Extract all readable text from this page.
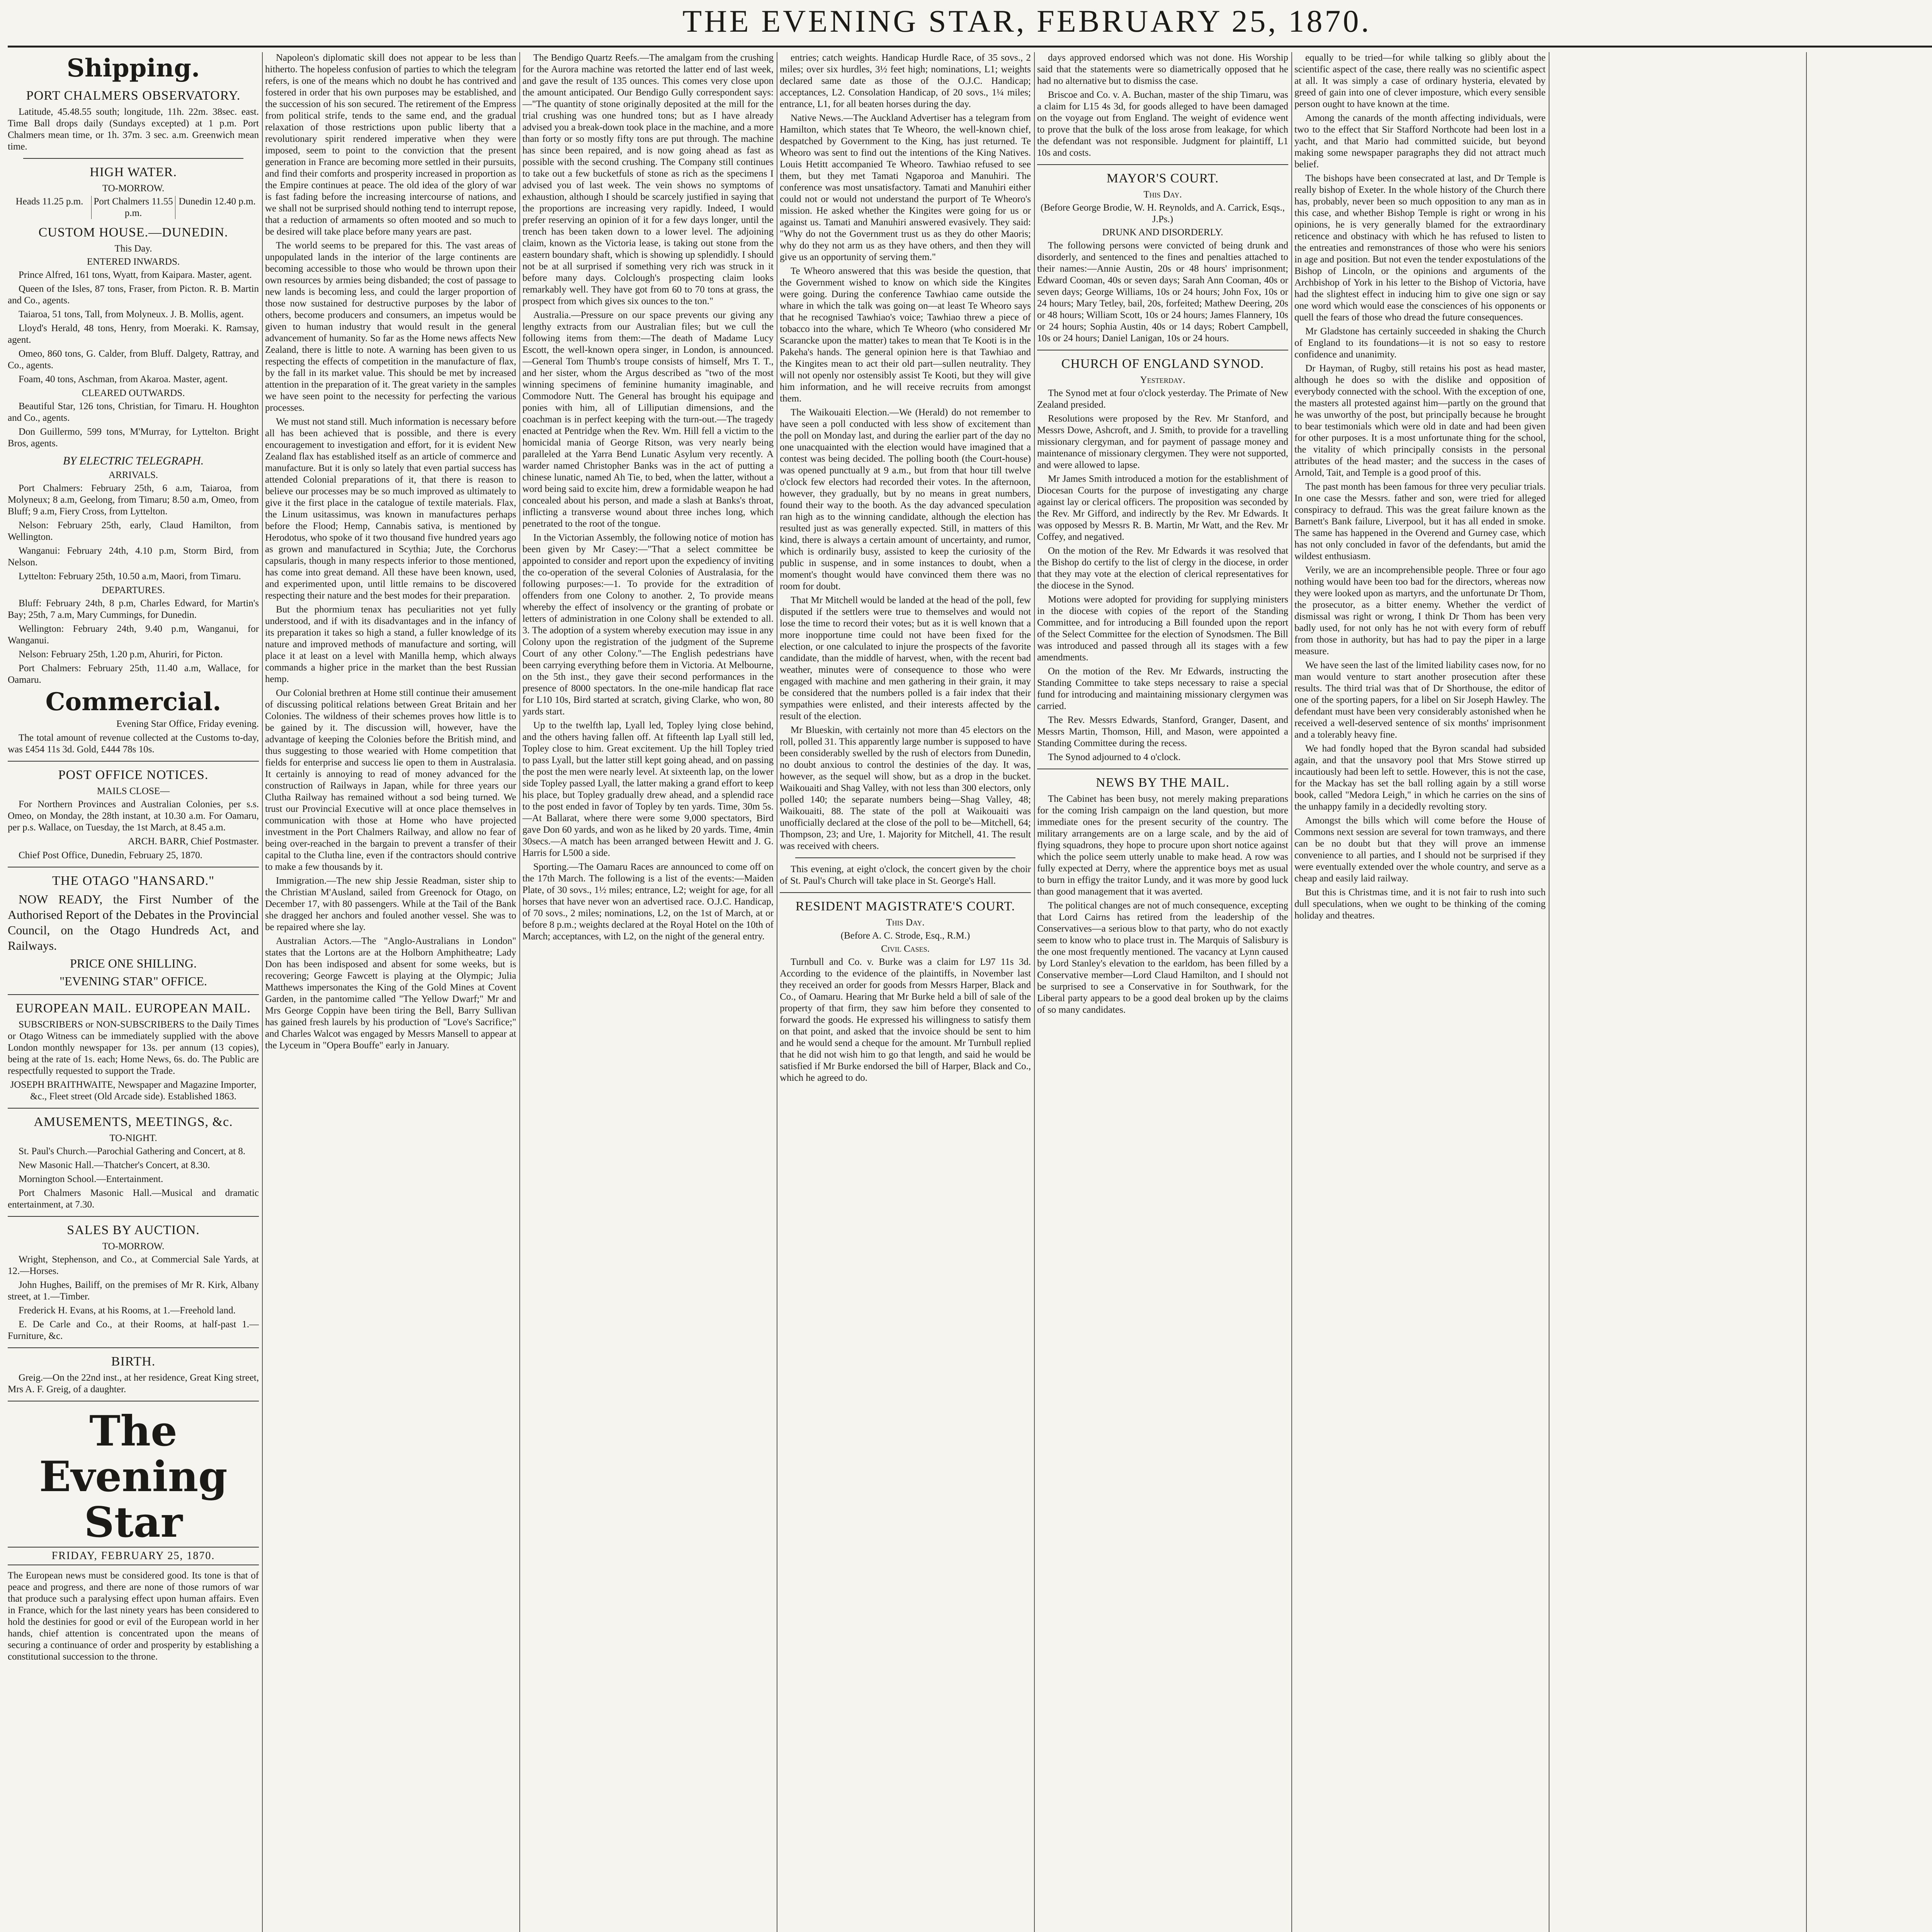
THE EVENING STAR, FEBRUARY 25, 1870.
Shipping.
PORT CHALMERS OBSERVATORY.

Latitude, 45.48.55 south; longitude, 11h. 22m. 38sec. east. Time Ball drops daily (Sundays excepted) at 1 p.m. Port Chalmers mean time, or 1h. 37m. 3 sec. a.m. Greenwich mean time.

HIGH WATER.
TO-MORROW.
Heads 11.25 p.m.	Port Chalmers 11.55 p.m.
Dunedin 12.40 p.m.
CUSTOM HOUSE.—DUNEDIN.
This Day.
ENTERED INWARDS.

Prince Alfred, 161 tons, Wyatt, from Kaipara. Master, agent.

Queen of the Isles, 87 tons, Fraser, from Picton. R. B. Martin and Co., agents.

Taiaroa, 51 tons, Tall, from Molyneux. J. B. Mollis, agent.

Lloyd's Herald, 48 tons, Henry, from Moeraki. K. Ramsay, agent.

Omeo, 860 tons, G. Calder, from Bluff. Dalgety, Rattray, and Co., agents.

Foam, 40 tons, Aschman, from Akaroa. Master, agent.

CLEARED OUTWARDS.

Beautiful Star, 126 tons, Christian, for Timaru. H. Houghton and Co., agents.

Don Guillermo, 599 tons, M'Murray, for Lyttelton. Bright Bros, agents.

BY ELECTRIC TELEGRAPH.
ARRIVALS.

Port Chalmers: February 25th, 6 a.m, Taiaroa, from Molyneux; 8 a.m, Geelong, from Timaru; 8.50 a.m, Omeo, from Bluff; 9 a.m, Fiery Cross, from Lyttelton.

Nelson: February 25th, early, Claud Hamilton, from Wellington.

Wanganui: February 24th, 4.10 p.m, Storm Bird, from Nelson.

Lyttelton: February 25th, 10.50 a.m, Maori, from Timaru.

DEPARTURES.

Bluff: February 24th, 8 p.m, Charles Edward, for Martin's Bay; 25th, 7 a.m, Mary Cummings, for Dunedin.

Wellington: February 24th, 9.40 p.m, Wanganui, for Wanganui.

Nelson: February 25th, 1.20 p.m, Ahuriri, for Picton.

Port Chalmers: February 25th, 11.40 a.m, Wallace, for Oamaru.

Commercial.

Evening Star Office, Friday evening.

The total amount of revenue collected at the Customs to-day, was £454 11s 3d. Gold, £444 78s 10s.

POST OFFICE NOTICES.
MAILS CLOSE—

For Northern Provinces and Australian Colonies, per s.s. Omeo, on Monday, the 28th instant, at 10.30 a.m. For Oamaru, per p.s. Wallace, on Tuesday, the 1st March, at 8.45 a.m.

ARCH. BARR, Chief Postmaster.

Chief Post Office, Dunedin, February 25, 1870.

THE OTAGO "HANSARD."

NOW READY, the First Number of the Authorised Report of the Debates in the Provincial Council, on the Otago Hundreds Act, and Railways.

PRICE ONE SHILLING.

"EVENING STAR" OFFICE.

EUROPEAN MAIL. EUROPEAN MAIL.

SUBSCRIBERS or NON-SUBSCRIBERS to the Daily Times or Otago Witness can be immediately supplied with the above London monthly newspaper for 13s. per annum (13 copies), being at the rate of 1s. each; Home News, 6s. do. The Public are respectfully requested to support the Trade.

JOSEPH BRAITHWAITE, Newspaper and Magazine Importer, &c., Fleet street (Old Arcade side). Established 1863.

AMUSEMENTS, MEETINGS, &c.
TO-NIGHT.

St. Paul's Church.—Parochial Gathering and Concert, at 8.

New Masonic Hall.—Thatcher's Concert, at 8.30.

Mornington School.—Entertainment.

Port Chalmers Masonic Hall.—Musical and dramatic entertainment, at 7.30.

SALES BY AUCTION.
TO-MORROW.

Wright, Stephenson, and Co., at Commercial Sale Yards, at 12.—Horses.

John Hughes, Bailiff, on the premises of Mr R. Kirk, Albany street, at 1.—Timber.

Frederick H. Evans, at his Rooms, at 1.—Freehold land.

E. De Carle and Co., at their Rooms, at half-past 1.—Furniture, &c.

BIRTH.

Greig.—On the 22nd inst., at her residence, Great King street, Mrs A. F. Greig, of a daughter.

The Evening Star
FRIDAY, FEBRUARY 25, 1870.

The European news must be considered good. Its tone is that of peace and progress, and there are none of those rumors of war that produce such a paralysing effect upon human affairs. Even in France, which for the last ninety years has been considered to hold the destinies for good or evil of the European world in her hands, chief attention is concentrated upon the means of securing a continuance of order and prosperity by establishing a constitutional succession to the throne.

Napoleon's diplomatic skill does not appear to be less than hitherto. The hopeless confusion of parties to which the telegram refers, is one of the means which no doubt he has contrived and fostered in order that his own purposes may be established, and the succession of his son secured. The retirement of the Empress from political strife, tends to the same end, and the gradual relaxation of those restrictions upon public liberty that a revolutionary spirit rendered imperative when they were imposed, seem to point to the conviction that the present generation in France are becoming more settled in their pursuits, and find their comforts and prosperity increased in proportion as the Empire continues at peace. The old idea of the glory of war is fast fading before the increasing intercourse of nations, and we shall not be surprised should nothing tend to interrupt repose, that a reduction of armaments so often mooted and so much to be desired will take place before many years are past.

The world seems to be prepared for this. The vast areas of unpopulated lands in the interior of the large continents are becoming accessible to those who would be thrown upon their own resources by armies being disbanded; the cost of passage to new lands is becoming less, and could the larger proportion of those now sustained for destructive purposes by the labor of others, become producers and consumers, an impetus would be given to human industry that would result in the general advancement of humanity. So far as the Home news affects New Zealand, there is little to note. A warning has been given to us respecting the effects of competition in the manufacture of flax, by the fall in its market value. This should be met by increased attention in the preparation of it. The great variety in the samples we have seen point to the necessity for perfecting the various processes.

We must not stand still. Much information is necessary before all has been achieved that is possible, and there is every encouragement to investigation and effort, for it is evident New Zealand flax has established itself as an article of commerce and manufacture. But it is only so lately that even partial success has attended Colonial preparations of it, that there is reason to believe our processes may be so much improved as ultimately to give it the first place in the catalogue of textile materials. Flax, the Linum usitassimus, was known in manufactures perhaps before the Flood; Hemp, Cannabis sativa, is mentioned by Herodotus, who spoke of it two thousand five hundred years ago as grown and manufactured in Scythia; Jute, the Corchorus capsularis, though in many respects inferior to those mentioned, has come into great demand. All these have been known, used, and experimented upon, until little remains to be discovered respecting their nature and the best modes for their preparation.

But the phormium tenax has peculiarities not yet fully understood, and if with its disadvantages and in the infancy of its preparation it takes so high a stand, a fuller knowledge of its nature and improved methods of manufacture and sorting, will place it at least on a level with Manilla hemp, which always commands a higher price in the market than the best Russian hemp.

Our Colonial brethren at Home still continue their amusement of discussing political relations between Great Britain and her Colonies. The wildness of their schemes proves how little is to be gained by it. The discussion will, however, have the advantage of keeping the Colonies before the British mind, and thus suggesting to those wearied with Home competition that fields for enterprise and success lie open to them in Australasia. It certainly is annoying to read of money advanced for the construction of Railways in Japan, while for three years our Clutha Railway has remained without a sod being turned. We trust our Provincial Executive will at once place themselves in communication with those at Home who have projected investment in the Port Chalmers Railway, and allow no fear of being over-reached in the bargain to prevent a transfer of their capital to the Clutha line, even if the contractors should contrive to make a few thousands by it.

Immigration.—The new ship Jessie Readman, sister ship to the Christian M'Ausland, sailed from Greenock for Otago, on December 17, with 80 passengers. While at the Tail of the Bank she dragged her anchors and fouled another vessel. She was to be repaired where she lay.

Australian Actors.—The "Anglo-Australians in London" states that the Lortons are at the Holborn Amphitheatre; Lady Don has been indisposed and absent for some weeks, but is recovering; George Fawcett is playing at the Olympic; Julia Matthews impersonates the King of the Gold Mines at Covent Garden, in the pantomime called "The Yellow Dwarf;" Mr and Mrs George Coppin have been tiring the Bell, Barry Sullivan has gained fresh laurels by his production of "Love's Sacrifice;" and Charles Walcot was engaged by Messrs Mansell to appear at the Lyceum in "Opera Bouffe" early in January.

The Bendigo Quartz Reefs.—The amalgam from the crushing for the Aurora machine was retorted the latter end of last week, and gave the result of 135 ounces. This comes very close upon the amount anticipated. Our Bendigo Gully correspondent says:—"The quantity of stone originally deposited at the mill for the trial crushing was one hundred tons; but as I have already advised you a break-down took place in the machine, and a more than forty or so mostly fifty tons are put through. The machine has since been repaired, and is now going ahead as fast as possible with the second crushing. The Company still continues to take out a few bucketfuls of stone as rich as the specimens I advised you of last week. The vein shows no symptoms of exhaustion, although I should be scarcely justified in saying that the proportions are increasing very rapidly. Indeed, I would prefer reserving an opinion of it for a few days longer, until the trench has been taken down to a lower level. The adjoining claim, known as the Victoria lease, is taking out stone from the eastern boundary shaft, which is showing up splendidly. I should not be at all surprised if something very rich was struck in it before many days. Colclough's prospecting claim looks remarkably well. They have got from 60 to 70 tons at grass, the prospect from which gives six ounces to the ton."

Australia.—Pressure on our space prevents our giving any lengthy extracts from our Australian files; but we cull the following items from them:—The death of Madame Lucy Escott, the well-known opera singer, in London, is announced.—General Tom Thumb's troupe consists of himself, Mrs T. T., and her sister, whom the Argus described as "two of the most winning specimens of feminine humanity imaginable, and Commodore Nutt. The General has brought his equipage and ponies with him, all of Lilliputian dimensions, and the coachman is in perfect keeping with the turn-out.—The tragedy enacted at Pentridge when the Rev. Wm. Hill fell a victim to the homicidal mania of George Ritson, was very nearly being paralleled at the Yarra Bend Lunatic Asylum very recently. A warder named Christopher Banks was in the act of putting a chinese lunatic, named Ah Tie, to bed, when the latter, without a word being said to excite him, drew a formidable weapon he had concealed about his person, and made a slash at Banks's throat, inflicting a transverse wound about three inches long, which penetrated to the root of the tongue.

In the Victorian Assembly, the following notice of motion has been given by Mr Casey:—"That a select committee be appointed to consider and report upon the expediency of inviting the co-operation of the several Colonies of Australasia, for the following purposes:—1. To provide for the extradition of offenders from one Colony to another. 2, To provide means whereby the effect of insolvency or the granting of probate or letters of administration in one Colony shall be extended to all. 3. The adoption of a system whereby execution may issue in any Colony upon the registration of the judgment of the Supreme Court of any other Colony."—The English pedestrians have been carrying everything before them in Victoria. At Melbourne, on the 5th inst., they gave their second performances in the presence of 8000 spectators. In the one-mile handicap flat race for L10 10s, Bird started at scratch, giving Clarke, who won, 80 yards start.

Up to the twelfth lap, Lyall led, Topley lying close behind, and the others having fallen off. At fifteenth lap Lyall still led, Topley close to him. Great excitement. Up the hill Topley tried to pass Lyall, but the latter still kept going ahead, and on passing the post the men were nearly level. At sixteenth lap, on the lower side Topley passed Lyall, the latter making a grand effort to keep his place, but Topley gradually drew ahead, and a splendid race to the post ended in favor of Topley by ten yards. Time, 30m 5s.—At Ballarat, where there were some 9,000 spectators, Bird gave Don 60 yards, and won as he liked by 20 yards. Time, 4min 30secs.—A match has been arranged between Hewitt and J. G. Harris for L500 a side.

Sporting.—The Oamaru Races are announced to come off on the 17th March. The following is a list of the events:—Maiden Plate, of 30 sovs., 1½ miles; entrance, L2; weight for age, for all horses that have never won an advertised race. O.J.C. Handicap, of 70 sovs., 2 miles; nominations, L2, on the 1st of March, at or before 8 p.m.; weights declared at the Royal Hotel on the 10th of March; acceptances, with L2, on the night of the general entry.

entries; catch weights. Handicap Hurdle Race, of 35 sovs., 2 miles; over six hurdles, 3½ feet high; nominations, L1; weights declared same date as those of the O.J.C. Handicap; acceptances, L2. Consolation Handicap, of 20 sovs., 1¼ miles; entrance, L1, for all beaten horses during the day.

Native News.—The Auckland Advertiser has a telegram from Hamilton, which states that Te Wheoro, the well-known chief, despatched by Government to the King, has just returned. Te Wheoro was sent to find out the intentions of the King Natives. Louis Hetitt accompanied Te Wheoro. Tawhiao refused to see them, but they met Tamati Ngaporoa and Manuhiri. The conference was most unsatisfactory. Tamati and Manuhiri either could not or would not understand the purport of Te Wheoro's mission. He asked whether the Kingites were going for us or against us. Tamati and Manuhiri answered evasively. They said: "Why do not the Government trust us as they do other Maoris; why do they not arm us as they have others, and then they will give us an opportunity of serving them."

Te Wheoro answered that this was beside the question, that the Government wished to know on which side the Kingites were going. During the conference Tawhiao came outside the whare in which the talk was going on—at least Te Wheoro says that he recognised Tawhiao's voice; Tawhiao threw a piece of tobacco into the whare, which Te Wheoro (who considered Mr Scarancke upon the matter) takes to mean that Te Kooti is in the Pakeha's hands. The general opinion here is that Tawhiao and the Kingites mean to act their old part—sullen neutrality. They will not openly nor ostensibly assist Te Kooti, but they will give him information, and he will receive recruits from amongst them.

The Waikouaiti Election.—We (Herald) do not remember to have seen a poll conducted with less show of excitement than the poll on Monday last, and during the earlier part of the day no one unacquainted with the election would have imagined that a contest was being decided. The polling booth (the Court-house) was opened punctually at 9 a.m., but from that hour till twelve o'clock few electors had recorded their votes. In the afternoon, however, they gradually, but by no means in great numbers, found their way to the booth. As the day advanced speculation ran high as to the winning candidate, although the election has resulted just as was generally expected. Still, in matters of this kind, there is always a certain amount of uncertainty, and rumor, which is ordinarily busy, assisted to keep the curiosity of the public in suspense, and in some instances to doubt, when a moment's thought would have convinced them there was no room for doubt.

That Mr Mitchell would be landed at the head of the poll, few disputed if the settlers were true to themselves and would not lose the time to record their votes; but as it is well known that a more inopportune time could not have been fixed for the election, or one calculated to injure the prospects of the favorite candidate, than the middle of harvest, when, with the recent bad weather, minutes were of consequence to those who were engaged with machine and men gathering in their grain, it may be considered that the numbers polled is a fair index that their sympathies were enlisted, and their interests affected by the result of the election.

Mr Blueskin, with certainly not more than 45 electors on the roll, polled 31. This apparently large number is supposed to have been considerably swelled by the rush of electors from Dunedin, no doubt anxious to control the destinies of the day. It was, however, as the sequel will show, but as a drop in the bucket. Waikouaiti and Shag Valley, with not less than 300 electors, only polled 140; the separate numbers being—Shag Valley, 48; Waikouaiti, 88. The state of the poll at Waikouaiti was unofficially declared at the close of the poll to be—Mitchell, 64; Thompson, 23; and Ure, 1. Majority for Mitchell, 41. The result was received with cheers.

This evening, at eight o'clock, the concert given by the choir of St. Paul's Church will take place in St. George's Hall.

RESIDENT MAGISTRATE'S COURT.
This Day.
(Before A. C. Strode, Esq., R.M.)
Civil Cases.

Turnbull and Co. v. Burke was a claim for L97 11s 3d. According to the evidence of the plaintiffs, in November last they received an order for goods from Messrs Harper, Black and Co., of Oamaru. Hearing that Mr Burke held a bill of sale of the property of that firm, they saw him before they consented to forward the goods. He expressed his willingness to satisfy them on that point, and asked that the invoice should be sent to him and he would send a cheque for the amount. Mr Turnbull replied that he did not wish him to go that length, and said he would be satisfied if Mr Burke endorsed the bill of Harper, Black and Co., which he agreed to do.

days approved endorsed which was not done. His Worship said that the statements were so diametrically opposed that he had no alternative but to dismiss the case.

Briscoe and Co. v. A. Buchan, master of the ship Timaru, was a claim for L15 4s 3d, for goods alleged to have been damaged on the voyage out from England. The weight of evidence went to prove that the bulk of the loss arose from leakage, for which the defendant was not responsible. Judgment for plaintiff, L1 10s and costs.

MAYOR'S COURT.
This Day.
(Before George Brodie, W. H. Reynolds, and A. Carrick, Esqs., J.Ps.)
DRUNK AND DISORDERLY.

The following persons were convicted of being drunk and disorderly, and sentenced to the fines and penalties attached to their names:—Annie Austin, 20s or 48 hours' imprisonment; Edward Cooman, 40s or seven days; Sarah Ann Cooman, 40s or seven days; George Williams, 10s or 24 hours; John Fox, 10s or 24 hours; Mary Tetley, bail, 20s, forfeited; Mathew Deering, 20s or 48 hours; William Scott, 10s or 24 hours; James Flannery, 10s or 24 hours; Sophia Austin, 40s or 14 days; Robert Campbell, 10s or 24 hours; Daniel Lanigan, 10s or 24 hours.

CHURCH OF ENGLAND SYNOD.
Yesterday.

The Synod met at four o'clock yesterday. The Primate of New Zealand presided.

Resolutions were proposed by the Rev. Mr Stanford, and Messrs Dowe, Ashcroft, and J. Smith, to provide for a travelling missionary clergyman, and for payment of passage money and maintenance of missionary clergymen. They were not supported, and were allowed to lapse.

Mr James Smith introduced a motion for the establishment of Diocesan Courts for the purpose of investigating any charge against lay or clerical officers. The proposition was seconded by the Rev. Mr Gifford, and indirectly by the Rev. Mr Edwards. It was opposed by Messrs R. B. Martin, Mr Watt, and the Rev. Mr Coffey, and negatived.

On the motion of the Rev. Mr Edwards it was resolved that the Bishop do certify to the list of clergy in the diocese, in order that they may vote at the election of clerical representatives for the diocese in the Synod.

Motions were adopted for providing for supplying ministers in the diocese with copies of the report of the Standing Committee, and for introducing a Bill founded upon the report of the Select Committee for the election of Synodsmen. The Bill was introduced and passed through all its stages with a few amendments.

On the motion of the Rev. Mr Edwards, instructing the Standing Committee to take steps necessary to raise a special fund for introducing and maintaining missionary clergymen was carried.

The Rev. Messrs Edwards, Stanford, Granger, Dasent, and Messrs Martin, Thomson, Hill, and Mason, were appointed a Standing Committee during the recess.

The Synod adjourned to 4 o'clock.

NEWS BY THE MAIL.

The Cabinet has been busy, not merely making preparations for the coming Irish campaign on the land question, but more immediate ones for the present security of the country. The military arrangements are on a large scale, and by the aid of flying squadrons, they hope to procure upon short notice against which the police seem utterly unable to make head. A row was fully expected at Derry, where the apprentice boys met as usual to burn in effigy the traitor Lundy, and it was more by good luck than good management that it was averted.

The political changes are not of much consequence, excepting that Lord Cairns has retired from the leadership of the Conservatives—a serious blow to that party, who do not exactly seem to know who to place trust in. The Marquis of Salisbury is the one most frequently mentioned. The vacancy at Lynn caused by Lord Stanley's elevation to the earldom, has been filled by a Conservative member—Lord Claud Hamilton, and I should not be surprised to see a Conservative in for Southwark, for the Liberal party appears to be a good deal broken up by the claims of so many candidates.

equally to be tried—for while talking so glibly about the scientific aspect of the case, there really was no scientific aspect at all. It was simply a case of ordinary hysteria, elevated by greed of gain into one of clever imposture, which every sensible person ought to have known at the time.

Among the canards of the month affecting individuals, were two to the effect that Sir Stafford Northcote had been lost in a yacht, and that Mario had committed suicide, but beyond making some newspaper paragraphs they did not attract much belief.

The bishops have been consecrated at last, and Dr Temple is really bishop of Exeter. In the whole history of the Church there has, probably, never been so much opposition to any man as in this case, and whether Bishop Temple is right or wrong in his opinions, he is very generally blamed for the extraordinary reticence and obstinacy with which he has refused to listen to the entreaties and remonstrances of those who were his seniors in age and position. But not even the tender expostulations of the Bishop of Lincoln, or the opinions and arguments of the Archbishop of York in his letter to the Bishop of Victoria, have had the slightest effect in inducing him to give one sign or say one word which would ease the consciences of his opponents or quell the fears of those who dread the future consequences.

Mr Gladstone has certainly succeeded in shaking the Church of England to its foundations—it is not so easy to restore confidence and unanimity.

Dr Hayman, of Rugby, still retains his post as head master, although he does so with the dislike and opposition of everybody connected with the school. With the exception of one, the masters all protested against him—partly on the ground that he was unworthy of the post, but principally because he brought to bear testimonials which were old in date and had been given for other purposes. It is a most unfortunate thing for the school, the vitality of which principally consists in the personal attributes of the head master; and the success in the cases of Arnold, Tait, and Temple is a good proof of this.

The past month has been famous for three very peculiar trials. In one case the Messrs. father and son, were tried for alleged conspiracy to defraud. This was the great failure known as the Barnett's Bank failure, Liverpool, but it has all ended in smoke. The same has happened in the Overend and Gurney case, which has not only concluded in favor of the defendants, but amid the wildest enthusiasm.

Verily, we are an incomprehensible people. Three or four ago nothing would have been too bad for the directors, whereas now they were looked upon as martyrs, and the unfortunate Dr Thom, the prosecutor, as a bitter enemy. Whether the verdict of dismissal was right or wrong, I think Dr Thom has been very badly used, for not only has he not with every form of rebuff from those in authority, but has had to pay the piper in a large measure.

We have seen the last of the limited liability cases now, for no man would venture to start another prosecution after these results. The third trial was that of Dr Shorthouse, the editor of one of the sporting papers, for a libel on Sir Joseph Hawley. The defendant must have been very considerably astonished when he received a well-deserved sentence of six months' imprisonment and a tolerably heavy fine.

We had fondly hoped that the Byron scandal had subsided again, and that the unsavory pool that Mrs Stowe stirred up incautiously had been left to settle. However, this is not the case, for the Mackay has set the ball rolling again by a still worse book, called "Medora Leigh," in which he carries on the sins of the unhappy family in a decidedly revolting story.

Amongst the bills which will come before the House of Commons next session are several for town tramways, and there can be no doubt but that they will prove an immense convenience to all parties, and I should not be surprised if they were eventually extended over the whole country, and serve as a cheap and easily laid railway.

But this is Christmas time, and it is not fair to rush into such dull speculations, when we ought to be thinking of the coming holiday and theatres.
